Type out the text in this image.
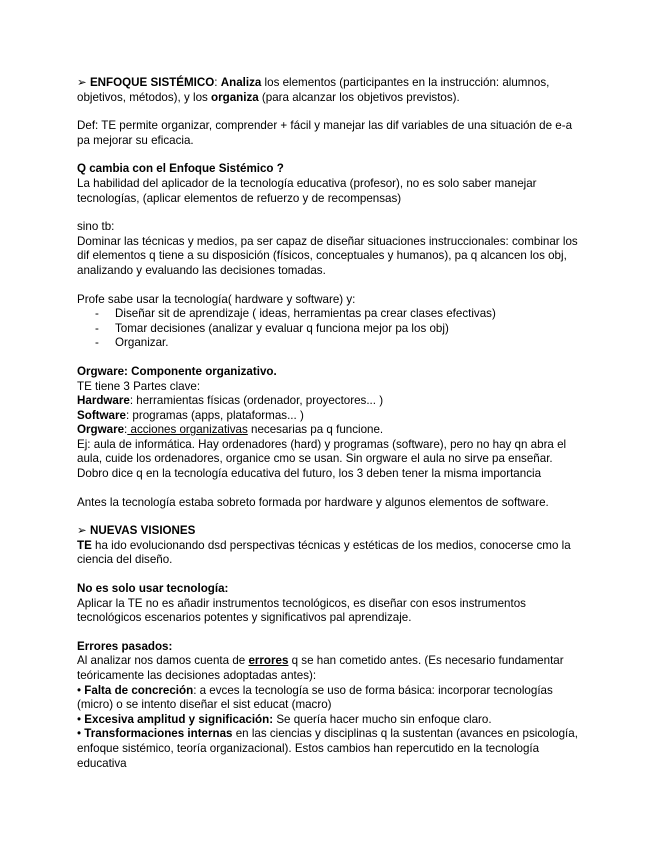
➢ ENFOQUE SISTÉMICO: Analiza los elementos (participantes en la instrucción: alumnos, objetivos, métodos), y los organiza (para alcanzar los objetivos previstos).

Def: TE permite organizar, comprender + fácil y manejar las dif variables de una situación de e-a pa mejorar su eficacia.

Q cambia con el Enfoque Sistémico ?

La habilidad del aplicador de la tecnología educativa (profesor), no es solo saber manejar tecnologías, (aplicar elementos de refuerzo y de recompensas)

sino tb:

Dominar las técnicas y medios, pa ser capaz de diseñar situaciones instruccionales: combinar los dif elementos q tiene a su disposición (físicos, conceptuales y humanos), pa q alcancen los obj, analizando y evaluando las decisiones tomadas.

Profe sabe usar la tecnología( hardware y software) y:

- Diseñar sit de aprendizaje ( ideas, herramientas pa crear clases efectivas)
- Tomar decisiones (analizar y evaluar q funciona mejor pa los obj)
- Organizar.

Orgware: Componente organizativo.

TE tiene 3 Partes clave:

Hardware: herramientas físicas (ordenador, proyectores... )

Software: programas (apps, plataformas... )

Orgware: acciones organizativas necesarias pa q funcione.

Ej: aula de informática. Hay ordenadores (hard) y programas (software), pero no hay qn abra el aula, cuide los ordenadores, organice cmo se usan. Sin orgware el aula no sirve pa enseñar. Dobro dice q en la tecnología educativa del futuro, los 3 deben tener la misma importancia

Antes la tecnología estaba sobreto formada por hardware y algunos elementos de software.

➢ NUEVAS VISIONES

TE ha ido evolucionando dsd perspectivas técnicas y estéticas de los medios, conocerse cmo la ciencia del diseño.

No es solo usar tecnología:

Aplicar la TE no es añadir instrumentos tecnológicos, es diseñar con esos instrumentos tecnológicos escenarios potentes y significativos pal aprendizaje.

Errores pasados:

Al analizar nos damos cuenta de errores q se han cometido antes. (Es necesario fundamentar teóricamente las decisiones adoptadas antes):

• Falta de concreción: a evces la tecnología se uso de forma básica: incorporar tecnologías (micro) o se intento diseñar el sist educat (macro)

• Excesiva amplitud y significación: Se quería hacer mucho sin enfoque claro.

• Transformaciones internas en las ciencias y disciplinas q la sustentan (avances en psicología, enfoque sistémico, teoría organizacional). Estos cambios han repercutido en la tecnología educativa
